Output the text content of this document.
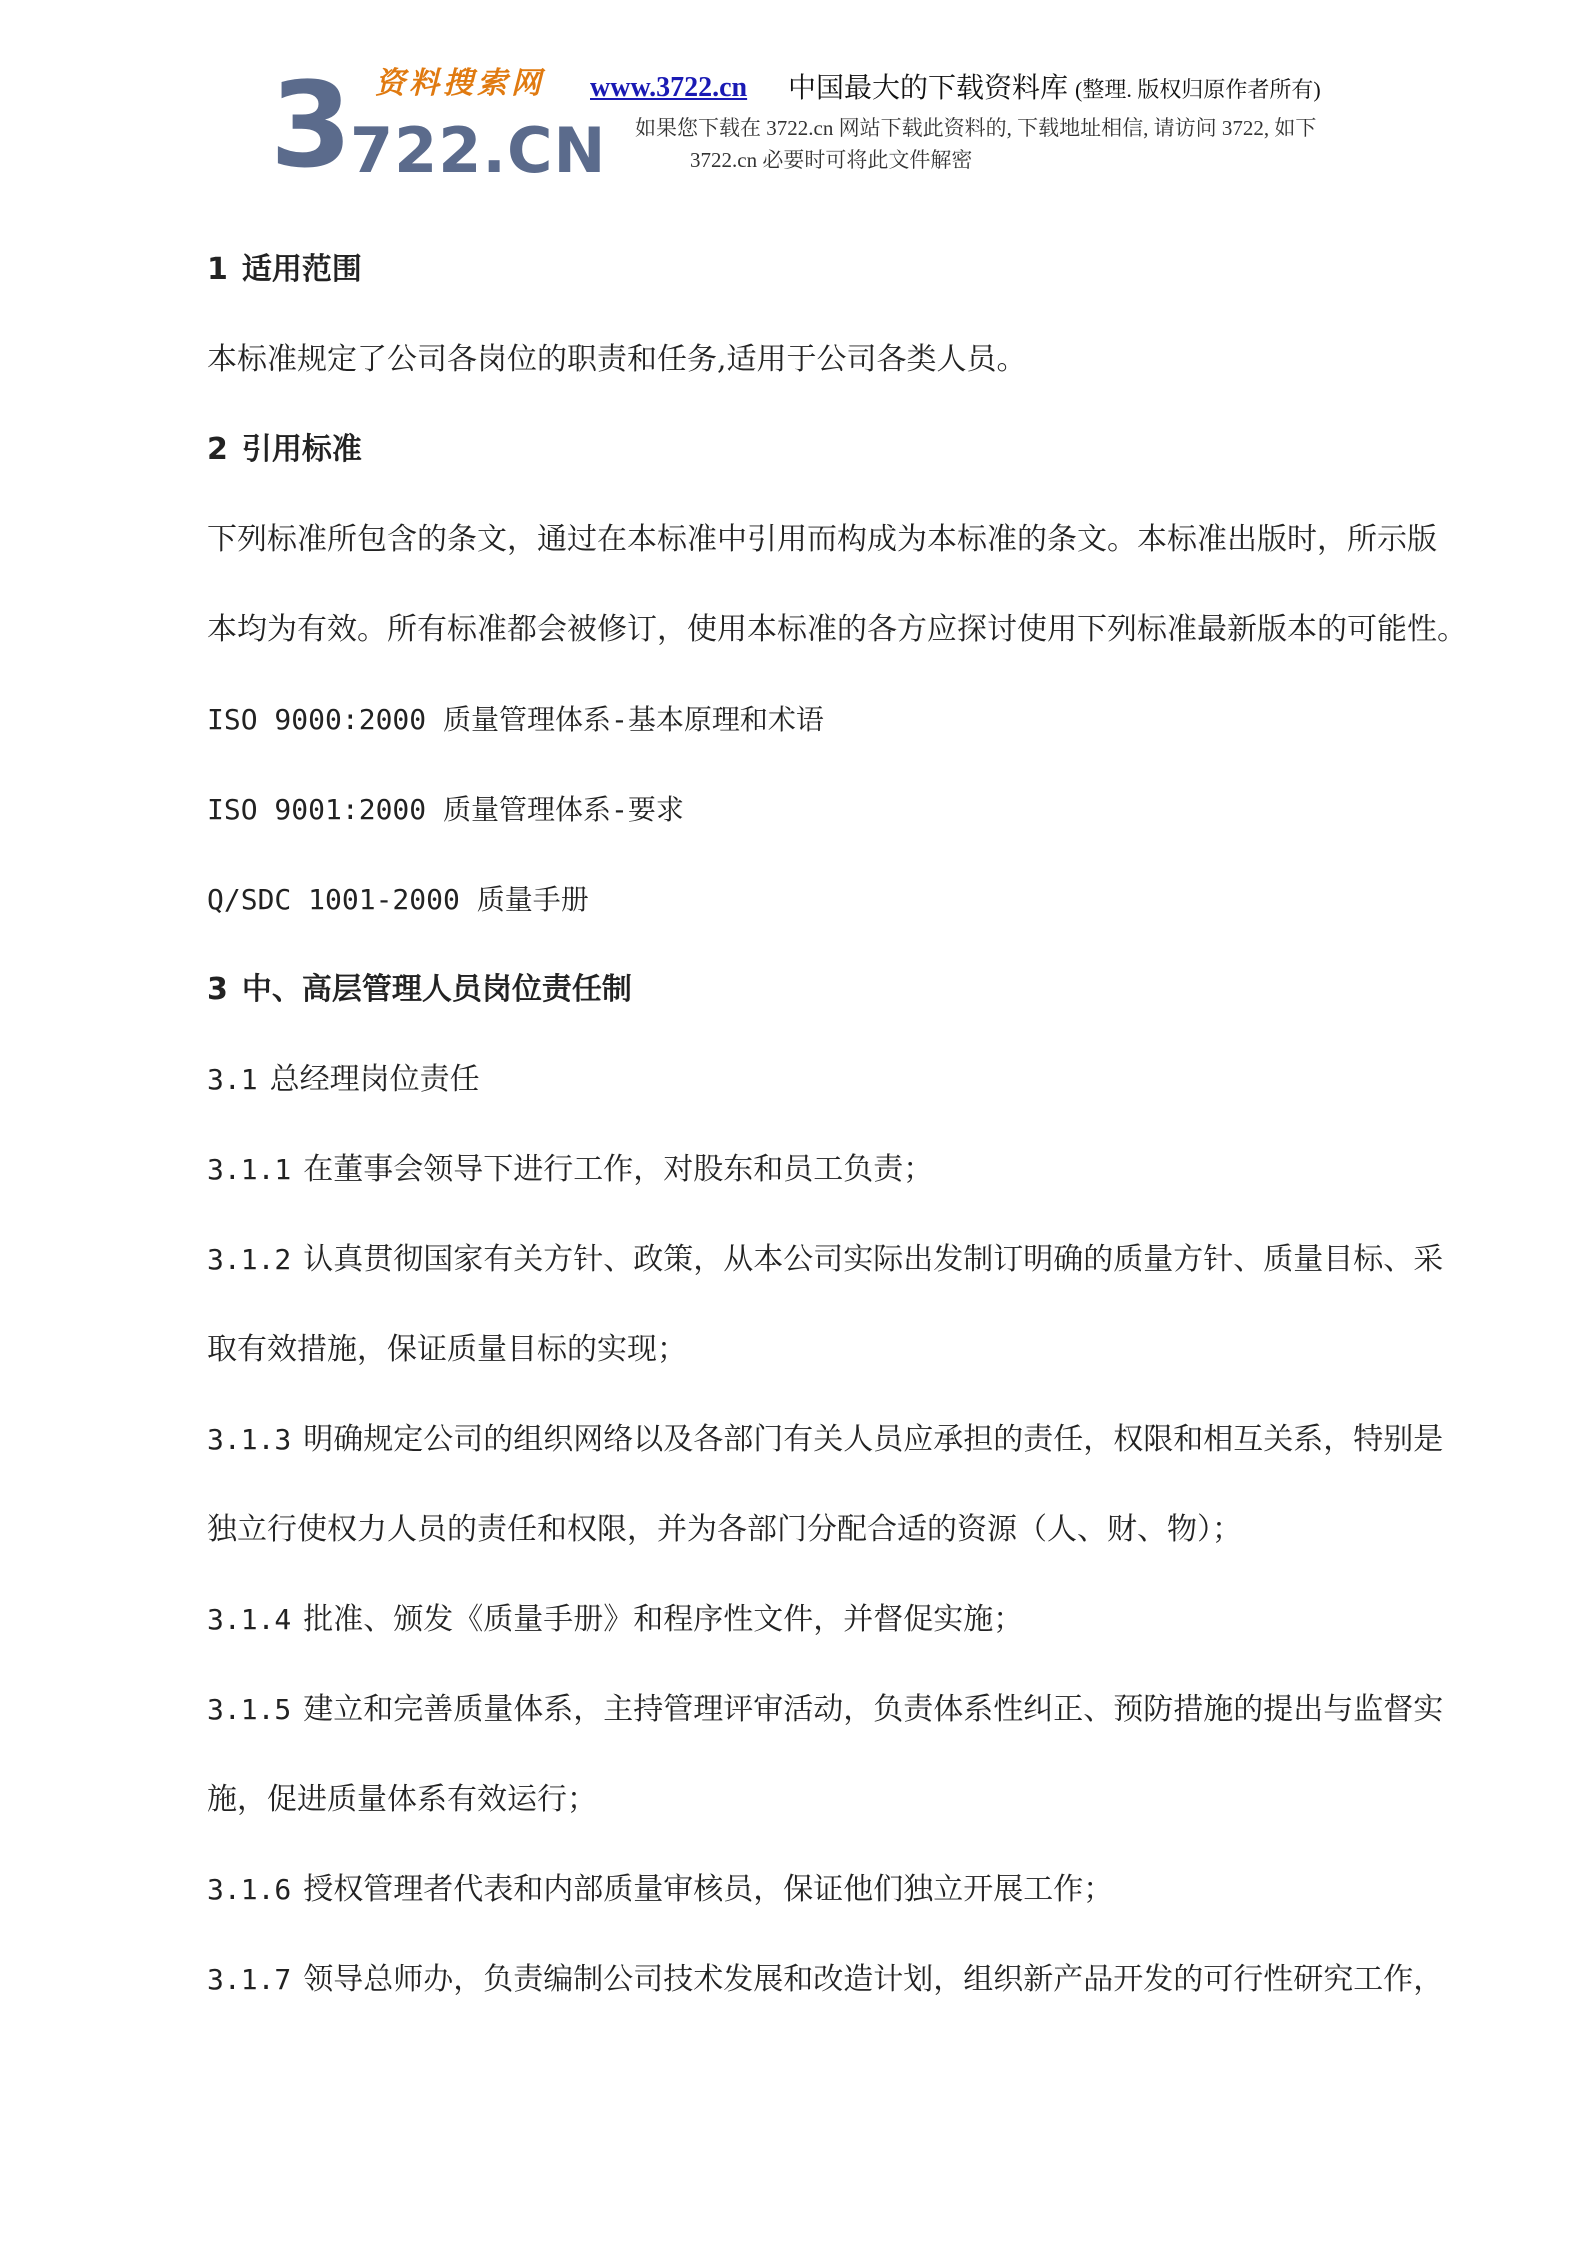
3 资料搜索网
722.CN
www.3722.cn 中国最大的下载资料库 (整理. 版权归原作者所有)
如果您下载在 3722.cn 网站下载此资料的, 下载地址相信, 请访问 3722, 如下
3722.cn 必要时可将此文件解密
1 适用范围
本标准规定了公司各岗位的职责和任务,适用于公司各类人员。
2 引用标准
下列标准所包含的条文，通过在本标准中引用而构成为本标准的条文。本标准出版时，所示版
本均为有效。所有标准都会被修订，使用本标准的各方应探讨使用下列标准最新版本的可能性。
ISO 9000:2000 质量管理体系-基本原理和术语
ISO 9001:2000 质量管理体系-要求
Q/SDC 1001-2000 质量手册
3 中、高层管理人员岗位责任制
3.1 总经理岗位责任
3.1.1 在董事会领导下进行工作，对股东和员工负责；
3.1.2 认真贯彻国家有关方针、政策，从本公司实际出发制订明确的质量方针、质量目标、采
取有效措施，保证质量目标的实现；
3.1.3 明确规定公司的组织网络以及各部门有关人员应承担的责任，权限和相互关系，特别是
独立行使权力人员的责任和权限，并为各部门分配合适的资源（人、财、物）；
3.1.4 批准、颁发《质量手册》和程序性文件，并督促实施；
3.1.5 建立和完善质量体系，主持管理评审活动，负责体系性纠正、预防措施的提出与监督实
施，促进质量体系有效运行；
3.1.6 授权管理者代表和内部质量审核员，保证他们独立开展工作；
3.1.7 领导总师办，负责编制公司技术发展和改造计划，组织新产品开发的可行性研究工作，
